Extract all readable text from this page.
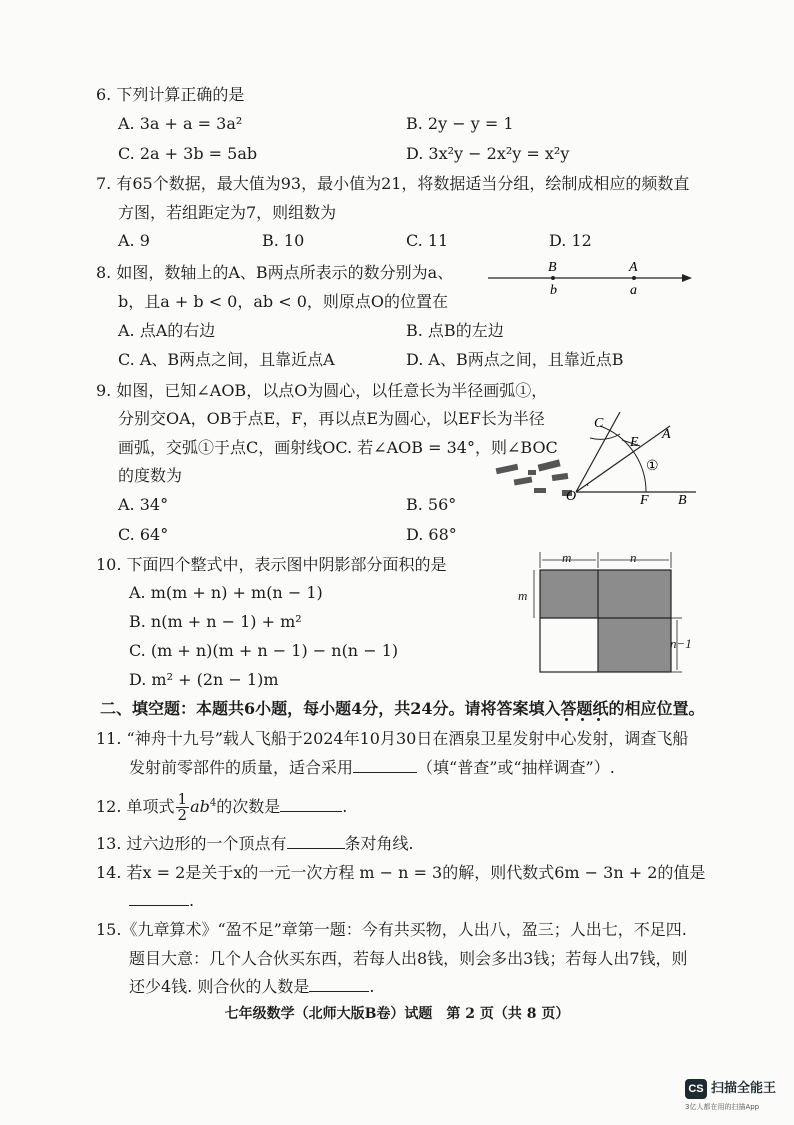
6. 下列计算正确的是
A. 3a + a = 3a²	B. 2y − y = 1
C. 2a + 3b = 5ab	D. 3x²y − 2x²y = x²y
7. 有65个数据，最大值为93，最小值为21，将数据适当分组，绘制成相应的频数直
方图，若组距定为7，则组数为
A. 9	B. 10	C. 11	D. 12
8. 如图，数轴上的A、B两点所表示的数分别为a、
b，且a + b < 0，ab < 0，则原点O的位置在
A. 点A的右边	B. 点B的左边
C. A、B两点之间，且靠近点A	D. A、B两点之间，且靠近点B
B
b
A
a
9. 如图，已知∠AOB，以点O为圆心，以任意长为半径画弧①，
分别交OA，OB于点E，F，再以点E为圆心，以EF长为半径
画弧，交弧①于点C，画射线OC. 若∠AOB = 34°，则∠BOC
的度数为
A. 34°	B. 56°
C. 64°	D. 68°
C
E
A
O	F B
①
10. 下面四个整式中，表示图中阴影部分面积的是
A. m(m + n) + m(n − 1)
B. n(m + n − 1) + m²
C. (m + n)(m + n − 1) − n(n − 1)
D. m² + (2n − 1)m
m	n
m
n−1
二、填空题：本题共6小题，每小题4分，共24分。请将答案填入答题纸的相应位置。
11. “神舟十九号”载人飞船于2024年10月30日在酒泉卫星发射中心发射，调查飞船
发射前零部件的质量，适合采用	（填“普查”或“抽样调查”）.
12. 单项式 $\frac{1}{2} ab^4$的次数是	.
13. 过六边形的一个顶点有	条对角线.
14. 若x = 2是关于x的一元一次方程 m − n = 3的解，则代数式6m − 3n + 2的值是
.
15.《九章算术》“盈不足”章第一题：今有共买物，人出八，盈三；人出七，不足四.
题目大意：几个人合伙买东西，若每人出8钱，则会多出3钱；若每人出7钱，则
还少4钱. 则合伙的人数是	.
七年级数学（北师大版B卷）试题　第 2 页（共 8 页）
CS 扫描全能王
3亿人都在用的扫描App
